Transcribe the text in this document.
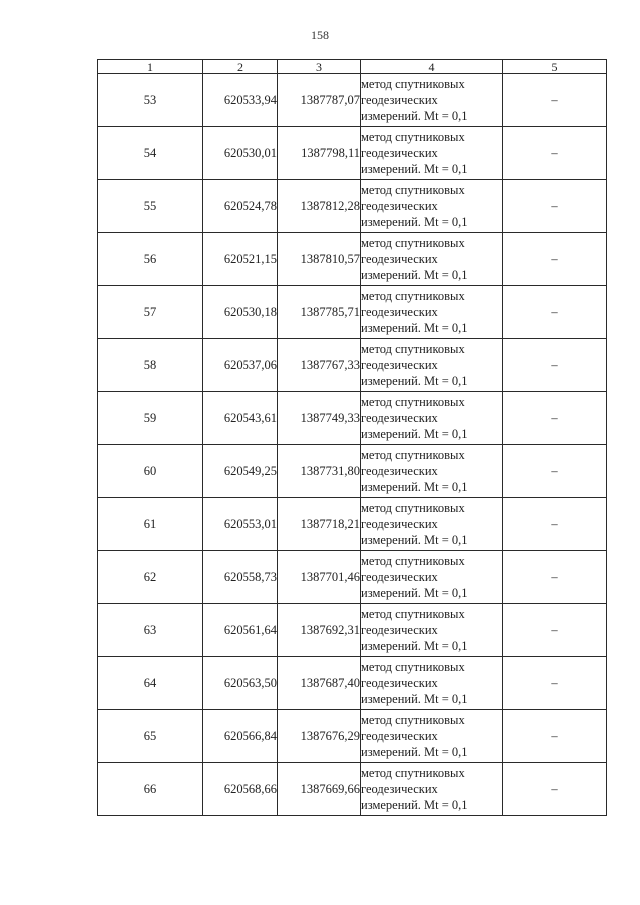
158
1	2	3	4	5
53	620533,94	1387787,07	метод спутниковых
геодезических
измерений. Mt = 0,1	–
54	620530,01	1387798,11	метод спутниковых
геодезических
измерений. Mt = 0,1	–
55	620524,78	1387812,28	метод спутниковых
геодезических
измерений. Mt = 0,1	–
56	620521,15	1387810,57	метод спутниковых
геодезических
измерений. Mt = 0,1	–
57	620530,18	1387785,71	метод спутниковых
геодезических
измерений. Mt = 0,1	–
58	620537,06	1387767,33	метод спутниковых
геодезических
измерений. Mt = 0,1	–
59	620543,61	1387749,33	метод спутниковых
геодезических
измерений. Mt = 0,1	–
60	620549,25	1387731,80	метод спутниковых
геодезических
измерений. Mt = 0,1	–
61	620553,01	1387718,21	метод спутниковых
геодезических
измерений. Mt = 0,1	–
62	620558,73	1387701,46	метод спутниковых
геодезических
измерений. Mt = 0,1	–
63	620561,64	1387692,31	метод спутниковых
геодезических
измерений. Mt = 0,1	–
64	620563,50	1387687,40	метод спутниковых
геодезических
измерений. Mt = 0,1	–
65	620566,84	1387676,29	метод спутниковых
геодезических
измерений. Mt = 0,1	–
66	620568,66	1387669,66	метод спутниковых
геодезических
измерений. Mt = 0,1	–
